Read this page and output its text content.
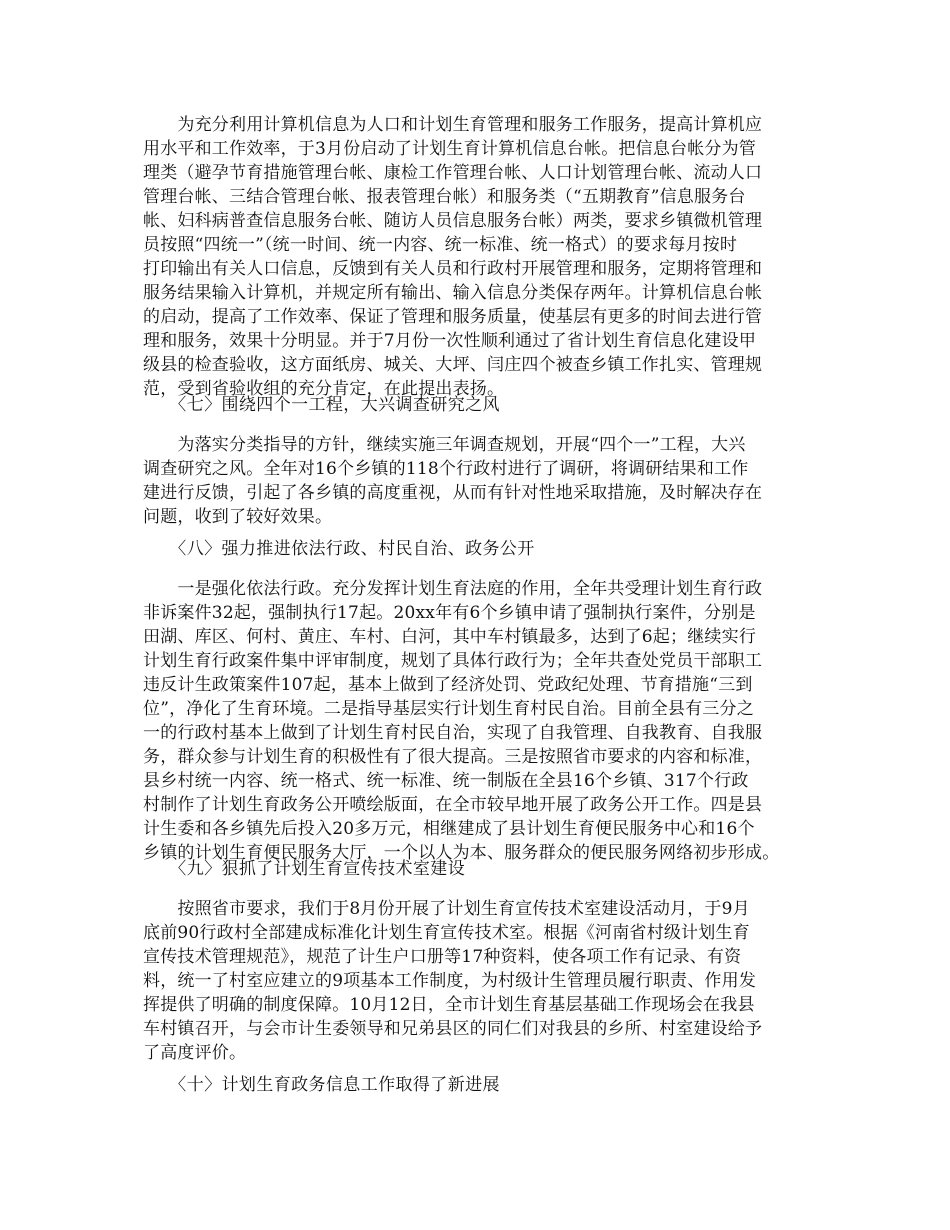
　　为充分利用计算机信息为人口和计划生育管理和服务工作服务，提高计算机应
用水平和工作效率，于3月份启动了计划生育计算机信息台帐。把信息台帐分为管
理类（避孕节育措施管理台帐、康检工作管理台帐、人口计划管理台帐、流动人口
管理台帐、三结合管理台帐、报表管理台帐）和服务类（“五期教育”信息服务台
帐、妇科病普查信息服务台帐、随访人员信息服务台帐）两类，要求乡镇微机管理
员按照“四统一”（统一时间、统一内容、统一标准、统一格式）的要求每月按时
打印输出有关人口信息，反馈到有关人员和行政村开展管理和服务，定期将管理和
服务结果输入计算机，并规定所有输出、输入信息分类保存两年。计算机信息台帐
的启动，提高了工作效率、保证了管理和服务质量，使基层有更多的时间去进行管
理和服务，效果十分明显。并于7月份一次性顺利通过了省计划生育信息化建设甲
级县的检查验收，这方面纸房、城关、大坪、闫庄四个被查乡镇工作扎实、管理规
范，受到省验收组的充分肯定，在此提出表扬。
　　〈七〉围绕四个一工程，大兴调查研究之风
　　为落实分类指导的方针，继续实施三年调查规划，开展“四个一”工程，大兴
调查研究之风。全年对16个乡镇的118个行政村进行了调研，将调研结果和工作
建进行反馈，引起了各乡镇的高度重视，从而有针对性地采取措施，及时解决存在
问题，收到了较好效果。
　　〈八〉强力推进依法行政、村民自治、政务公开
　　一是强化依法行政。充分发挥计划生育法庭的作用，全年共受理计划生育行政
非诉案件32起，强制执行17起。20xx年有6个乡镇申请了强制执行案件，分别是
田湖、库区、何村、黄庄、车村、白河，其中车村镇最多，达到了6起；继续实行
计划生育行政案件集中评审制度，规划了具体行政行为；全年共查处党员干部职工
违反计生政策案件107起，基本上做到了经济处罚、党政纪处理、节育措施“三到
位”，净化了生育环境。二是指导基层实行计划生育村民自治。目前全县有三分之
一的行政村基本上做到了计划生育村民自治，实现了自我管理、自我教育、自我服
务，群众参与计划生育的积极性有了很大提高。三是按照省市要求的内容和标准，
县乡村统一内容、统一格式、统一标准、统一制版在全县16个乡镇、317个行政
村制作了计划生育政务公开喷绘版面，在全市较早地开展了政务公开工作。四是县
计生委和各乡镇先后投入20多万元，相继建成了县计划生育便民服务中心和16个
乡镇的计划生育便民服务大厅，一个以人为本、服务群众的便民服务网络初步形成。
　　〈九〉狠抓了计划生育宣传技术室建设
　　按照省市要求，我们于8月份开展了计划生育宣传技术室建设活动月，于9月
底前90行政村全部建成标准化计划生育宣传技术室。根据《河南省村级计划生育
宣传技术管理规范》，规范了计生户口册等17种资料，使各项工作有记录、有资
料，统一了村室应建立的9项基本工作制度，为村级计生管理员履行职责、作用发
挥提供了明确的制度保障。10月12日，全市计划生育基层基础工作现场会在我县
车村镇召开，与会市计生委领导和兄弟县区的同仁们对我县的乡所、村室建设给予
了高度评价。
　　〈十〉计划生育政务信息工作取得了新进展
